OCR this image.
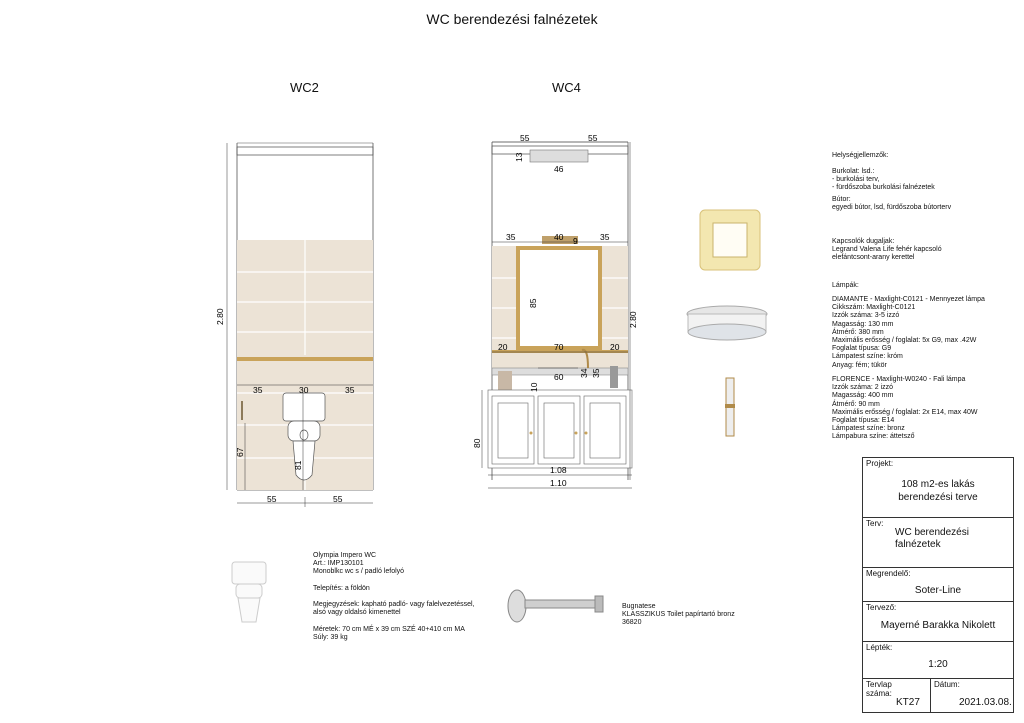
WC berendezési falnézetek
WC2
2.80
55	55
35	30	35
81
67
WC4
55	55
13
46
35	40 9	35
85
20	70	20
60
10
34 35
80
1.08
1.10
2.80
Helységjellemzők:
Burkolat: lsd.:
- burkolási terv,
- fürdőszoba burkolási falnézetek
Bútor:
egyedi bútor, lsd, fürdőszoba bútorterv
Kapcsolók dugaljak:
Legrand Valena Life fehér kapcsoló
elefántcsont-arany kerettel
Lámpák:
DIAMANTE - Maxlight-C0121 - Mennyezet lámpa
Cikkszám: Maxlight-C0121
Izzók száma: 3-5 izzó
Magasság: 130 mm
Átmérő: 380 mm
Maximális erősség / foglalat: 5x G9, max .42W
Foglalat típusa: G9
Lámpatest színe: króm
Anyag: fém; tükör
FLORENCE - Maxlight-W0240 - Fali lámpa
Izzók száma: 2 izzó
Magasság: 400 mm
Átmérő: 90 mm
Maximális erősség / foglalat: 2x E14, max 40W
Foglalat típusa: E14
Lámpatest színe: bronz
Lámpabura színe: áttetsző
Olympia Impero WC
Art.: IMP130101
Monoblkc wc s / padló lefolyó

Telepítés: a földön

Megjegyzések: kapható padló- vagy falelvezetéssel,
alsó vagy oldalsó kimenettel

Méretek: 70 cm MÉ x 39 cm SZÉ 40+410 cm MA
Súly: 39 kg
Bugnatese
KLASSZIKUS Toilet papírtartó bronz
36820
Projekt:
108 m2-es lakás
berendezési terve
Terv:
WC berendezési
falnézetek
Megrendelő:
Soter-Line
Tervező:
Mayerné Barakka Nikolett
Lépték:
1:20
Tervlap
száma:
KT27
Dátum:
2021.03.08.
